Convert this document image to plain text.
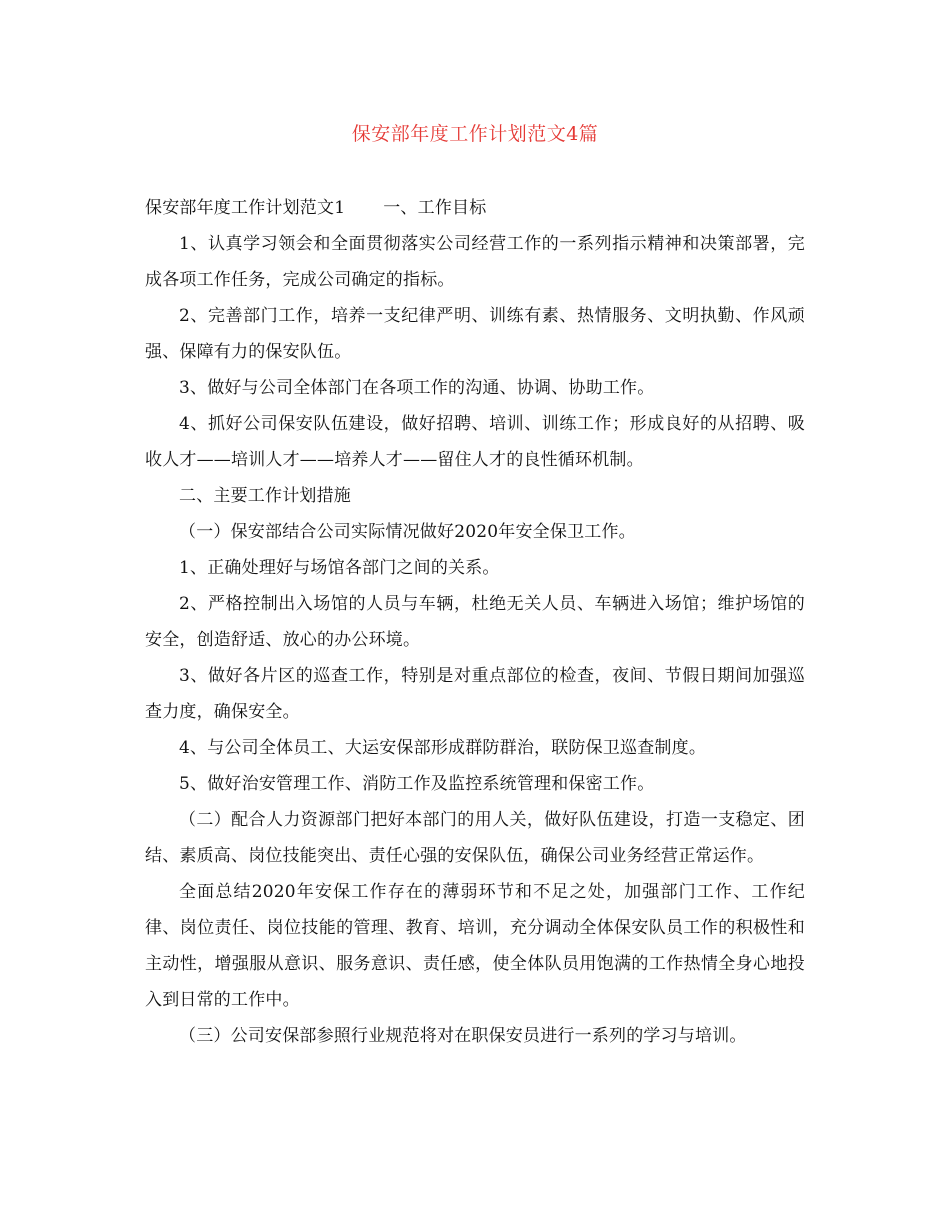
保安部年度工作计划范文4篇

保安部年度工作计划范文1 一、工作目标

1、认真学习领会和全面贯彻落实公司经营工作的一系列指示精神和决策部署，完成各项工作任务，完成公司确定的指标。

2、完善部门工作，培养一支纪律严明、训练有素、热情服务、文明执勤、作风顽强、保障有力的保安队伍。

3、做好与公司全体部门在各项工作的沟通、协调、协助工作。

4、抓好公司保安队伍建设，做好招聘、培训、训练工作；形成良好的从招聘、吸收人才——培训人才——培养人才——留住人才的良性循环机制。

二、主要工作计划措施

（一）保安部结合公司实际情况做好2020年安全保卫工作。

1、正确处理好与场馆各部门之间的关系。

2、严格控制出入场馆的人员与车辆，杜绝无关人员、车辆进入场馆；维护场馆的安全，创造舒适、放心的办公环境。

3、做好各片区的巡查工作，特别是对重点部位的检查，夜间、节假日期间加强巡查力度，确保安全。

4、与公司全体员工、大运安保部形成群防群治，联防保卫巡查制度。

5、做好治安管理工作、消防工作及监控系统管理和保密工作。

（二）配合人力资源部门把好本部门的用人关，做好队伍建设，打造一支稳定、团结、素质高、岗位技能突出、责任心强的安保队伍，确保公司业务经营正常运作。

全面总结2020年安保工作存在的薄弱环节和不足之处，加强部门工作、工作纪律、岗位责任、岗位技能的管理、教育、培训，充分调动全体保安队员工作的积极性和主动性，增强服从意识、服务意识、责任感，使全体队员用饱满的工作热情全身心地投入到日常的工作中。

（三）公司安保部参照行业规范将对在职保安员进行一系列的学习与培训。
